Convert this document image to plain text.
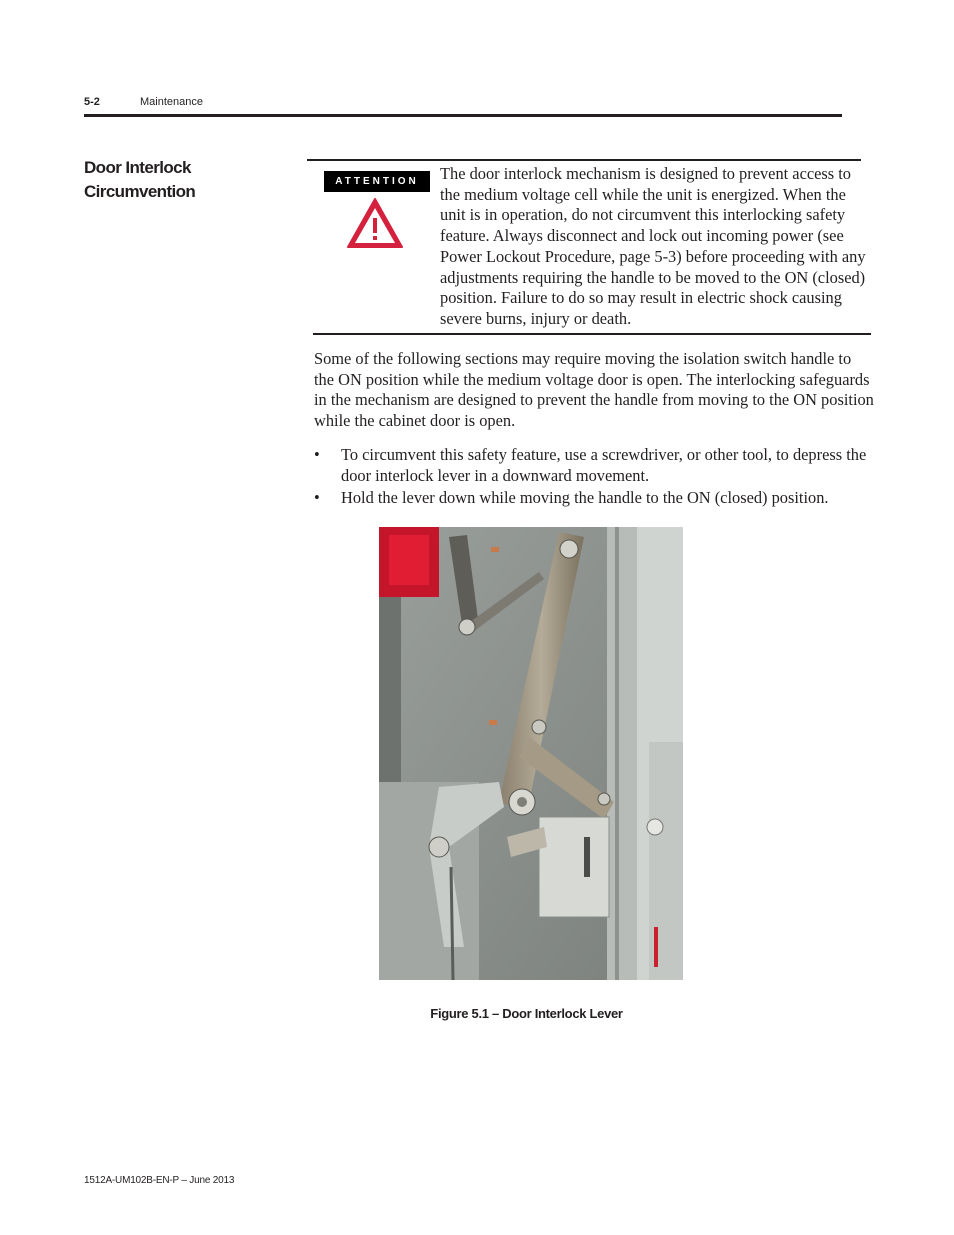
5-2	Maintenance
Door Interlock
Circumvention
ATTENTION	The door interlock mechanism is designed to prevent access to the medium voltage cell while the unit is energized. When the unit is in operation, do not circumvent this interlocking safety feature. Always disconnect and lock out incoming power (see Power Lockout Procedure, page 5-3) before proceeding with any adjustments requiring the handle to be moved to the ON (closed) position. Failure to do so may result in electric shock causing severe burns, injury or death.
Some of the following sections may require moving the isolation switch handle to the ON position while the medium voltage door is open. The interlocking safeguards in the mechanism are designed to prevent the handle from moving to the ON position while the cabinet door is open.
• To circumvent this safety feature, use a screwdriver, or other tool, to depress the door interlock lever in a downward movement.
• Hold the lever down while moving the handle to the ON (closed) position.
Figure 5.1 – Door Interlock Lever
1512A-UM102B-EN-P – June 2013
